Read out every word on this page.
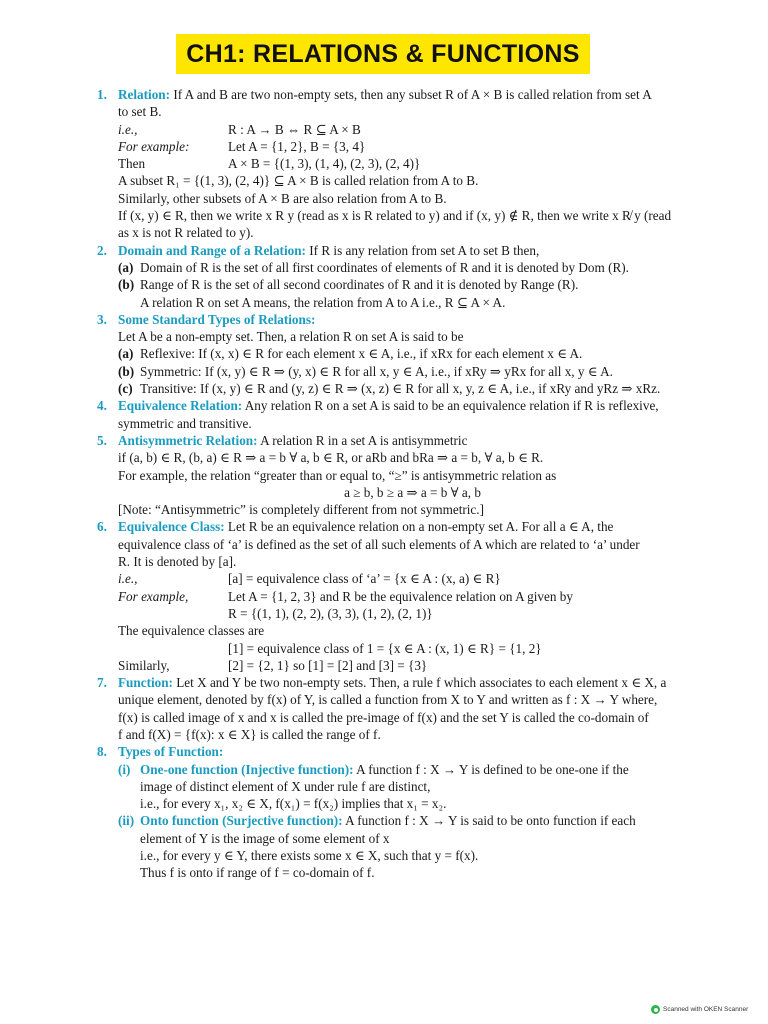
CH1: RELATIONS & FUNCTIONS
1. Relation: If A and B are two non-empty sets, then any subset R of A × B is called relation from set A
to set B.
i.e.,	R : A → B ⇔ R ⊆ A × B
For example:	Let A = {1, 2}, B = {3, 4}
Then	A × B = {(1, 3), (1, 4), (2, 3), (2, 4)}
A subset R₁ = {(1, 3), (2, 4)} ⊆ A × B is called relation from A to B.
Similarly, other subsets of A × B are also relation from A to B.
If (x, y) ∈ R, then we write x R y (read as x is R related to y) and if (x, y) ∉ R, then we write x R̸ y (read
as x is not R related to y).
2. Domain and Range of a Relation: If R is any relation from set A to set B then,
(a) Domain of R is the set of all first coordinates of elements of R and it is denoted by Dom (R).
(b) Range of R is the set of all second coordinates of R and it is denoted by Range (R).
A relation R on set A means, the relation from A to A i.e., R ⊆ A × A.
3. Some Standard Types of Relations:
Let A be a non-empty set. Then, a relation R on set A is said to be
(a) Reflexive: If (x, x) ∈ R for each element x ∈ A, i.e., if xRx for each element x ∈ A.
(b) Symmetric: If (x, y) ∈ R ⇒ (y, x) ∈ R for all x, y ∈ A, i.e., if xRy ⇒ yRx for all x, y ∈ A.
(c) Transitive: If (x, y) ∈ R and (y, z) ∈ R ⇒ (x, z) ∈ R for all x, y, z ∈ A, i.e., if xRy and yRz ⇒ xRz.
4. Equivalence Relation: Any relation R on a set A is said to be an equivalence relation if R is reflexive,
symmetric and transitive.
5. Antisymmetric Relation: A relation R in a set A is antisymmetric
if (a, b) ∈ R, (b, a) ∈ R ⇒ a = b ∀ a, b ∈ R, or aRb and bRa ⇒ a = b, ∀ a, b ∈ R.
For example, the relation “greater than or equal to, “≥” is antisymmetric relation as
a ≥ b, b ≥ a ⇒ a = b ∀ a, b
[Note: “Antisymmetric” is completely different from not symmetric.]
6. Equivalence Class: Let R be an equivalence relation on a non-empty set A. For all a ∈ A, the
equivalence class of ‘a’ is defined as the set of all such elements of A which are related to ‘a’ under
R. It is denoted by [a].
i.e.,	[a] = equivalence class of ‘a’ = {x ∈ A : (x, a) ∈ R}
For example,	Let A = {1, 2, 3} and R be the equivalence relation on A given by
R = {(1, 1), (2, 2), (3, 3), (1, 2), (2, 1)}
The equivalence classes are
[1] = equivalence class of 1 = {x ∈ A : (x, 1) ∈ R} = {1, 2}
Similarly,	[2] = {2, 1} so [1] = [2] and [3] = {3}
7. Function: Let X and Y be two non-empty sets. Then, a rule f which associates to each element x ∈ X, a
unique element, denoted by f(x) of Y, is called a function from X to Y and written as f : X → Y where,
f(x) is called image of x and x is called the pre-image of f(x) and the set Y is called the co-domain of
f and f(X) = {f(x): x ∈ X} is called the range of f.
8. Types of Function:
(i) One-one function (Injective function): A function f : X → Y is defined to be one-one if the
image of distinct element of X under rule f are distinct,
i.e., for every x₁, x₂ ∈ X, f(x₁) = f(x₂) implies that x₁ = x₂.
(ii) Onto function (Surjective function): A function f : X → Y is said to be onto function if each
element of Y is the image of some element of x
i.e., for every y ∈ Y, there exists some x ∈ X, such that y = f(x).
Thus f is onto if range of f = co-domain of f.
Scanned with OKEN Scanner
